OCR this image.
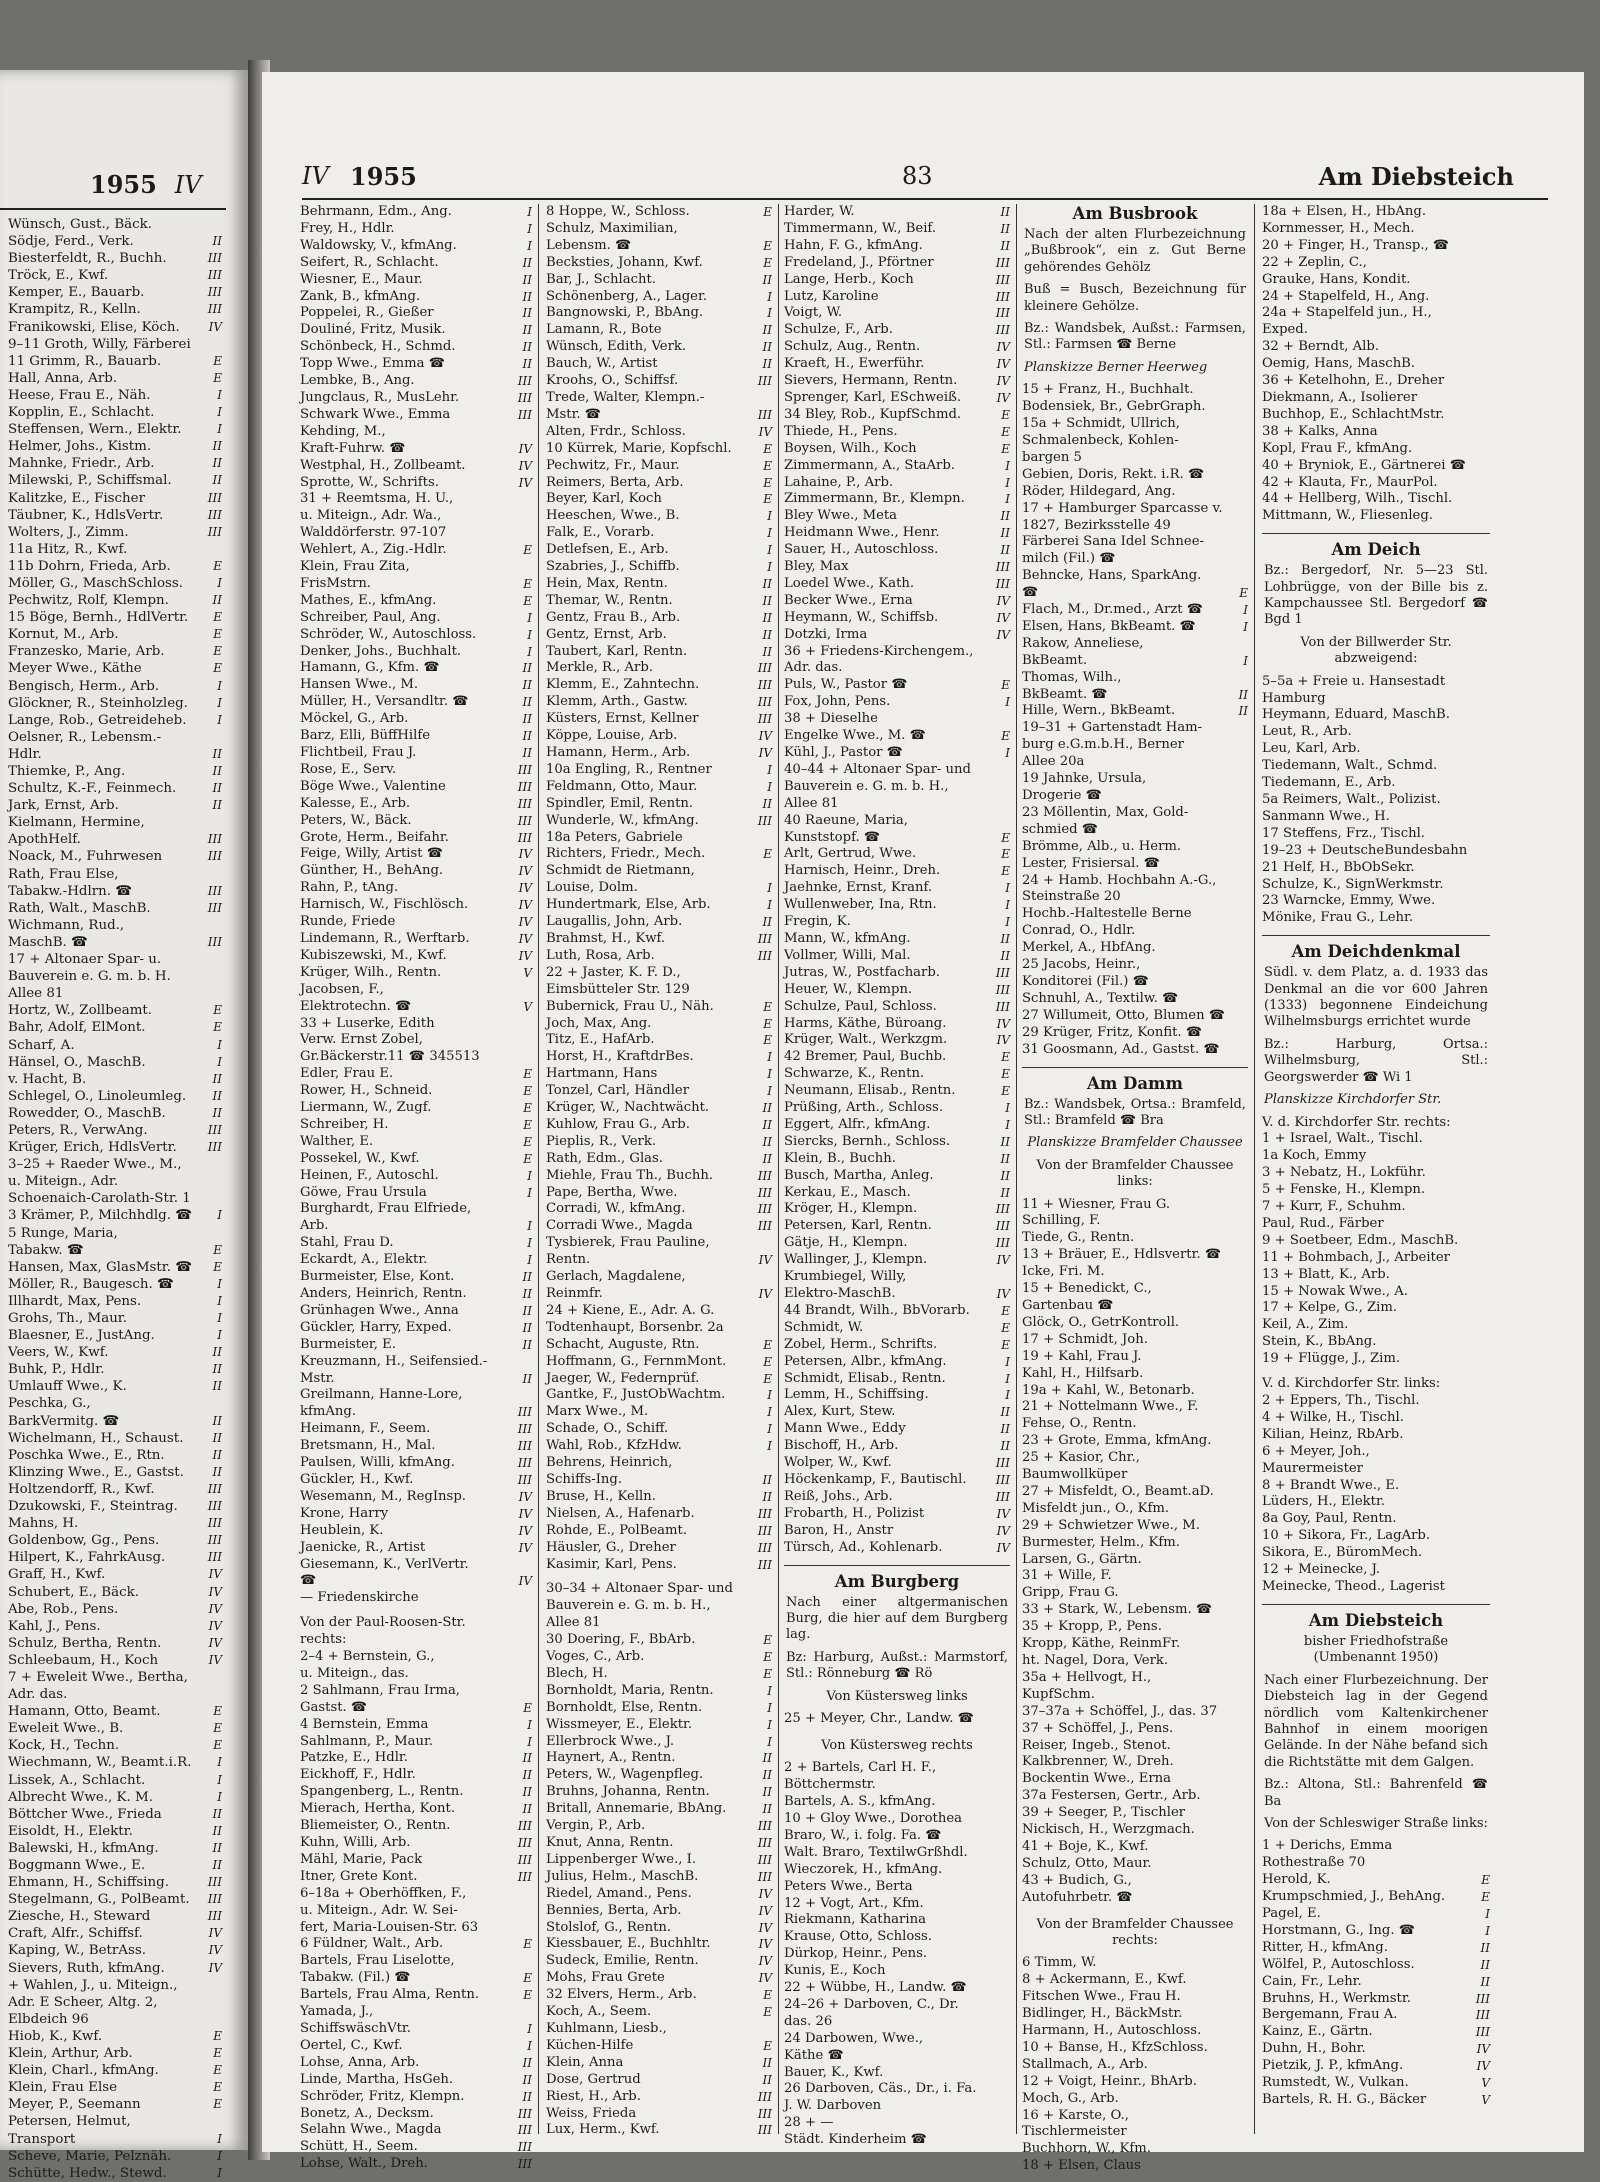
1955 IV
Wünsch, Gust., Bäck.
Södje, Ferd., Verk.	II
Biesterfeldt, R., Buchh.	III
Tröck, E., Kwf.	III
Kemper, E., Bauarb.	III
Krampitz, R., Kelln.	III
Franikowski, Elise, Köch.	IV
9–11 Groth, Willy, Färberei
11 Grimm, R., Bauarb.	E
Hall, Anna, Arb.	E
Heese, Frau E., Näh.	I
Kopplin, E., Schlacht.	I
Steffensen, Wern., Elektr.	I
Helmer, Johs., Kistm.	II
Mahnke, Friedr., Arb.	II
Milewski, P., Schiffsmal.	II
Kalitzke, E., Fischer	III
Täubner, K., HdlsVertr.	III
Wolters, J., Zimm.	III
11a Hitz, R., Kwf.
11b Dohrn, Frieda, Arb.	E
Möller, G., MaschSchloss.	I
Pechwitz, Rolf, Klempn.	II
15 Böge, Bernh., HdlVertr.	E
Kornut, M., Arb.	E
Franzesko, Marie, Arb.	E
Meyer Wwe., Käthe	E
Bengisch, Herm., Arb.	I
Glöckner, R., Steinholzleg.	I
Lange, Rob., Getreideheb.	I
Oelsner, R., Lebensm.-
Hdlr.	II
Thiemke, P., Ang.	II
Schultz, K.-F., Feinmech.	II
Jark, Ernst, Arb.	II
Kielmann, Hermine,
ApothHelf.	III
Noack, M., Fuhrwesen	III
Rath, Frau Else,
Tabakw.-Hdlrn. ☎	III
Rath, Walt., MaschB.	III
Wichmann, Rud.,
MaschB. ☎	III
17 + Altonaer Spar- u.
Bauverein e. G. m. b. H.
Allee 81
Hortz, W., Zollbeamt.	E
Bahr, Adolf, ElMont.	E
Scharf, A.	I
Hänsel, O., MaschB.	I
v. Hacht, B.	II
Schlegel, O., Linoleumleg.	II
Rowedder, O., MaschB.	II
Peters, R., VerwAng.	III
Krüger, Erich, HdlsVertr.	III
3–25 + Raeder Wwe., M.,
u. Miteign., Adr.
Schoenaich-Carolath-Str. 1
3 Krämer, P., Milchhdlg. ☎	I
5 Runge, Maria,
Tabakw. ☎	E
Hansen, Max, GlasMstr. ☎	E
Möller, R., Baugesch. ☎	I
Illhardt, Max, Pens.	I
Grohs, Th., Maur.	I
Blaesner, E., JustAng.	I
Veers, W., Kwf.	II
Buhk, P., Hdlr.	II
Umlauff Wwe., K.	II
Peschka, G.,
BarkVermitg. ☎	II
Wichelmann, H., Schaust.	II
Poschka Wwe., E., Rtn.	II
Klinzing Wwe., E., Gastst.	II
Holtzendorff, R., Kwf.	III
Dzukowski, F., Steintrag.	III
Mahns, H.	III
Goldenbow, Gg., Pens.	III
Hilpert, K., FahrkAusg.	III
Graff, H., Kwf.	IV
Schubert, E., Bäck.	IV
Abe, Rob., Pens.	IV
Kahl, J., Pens.	IV
Schulz, Bertha, Rentn.	IV
Schleebaum, H., Koch	IV
7 + Eweleit Wwe., Bertha,
Adr. das.
Hamann, Otto, Beamt.	E
Eweleit Wwe., B.	E
Kock, H., Techn.	E
Wiechmann, W., Beamt.i.R.	I
Lissek, A., Schlacht.	I
Albrecht Wwe., K. M.	I
Böttcher Wwe., Frieda	II
Eisoldt, H., Elektr.	II
Balewski, H., kfmAng.	II
Boggmann Wwe., E.	II
Ehmann, H., Schiffsing.	III
Stegelmann, G., PolBeamt.	III
Ziesche, H., Steward	III
Craft, Alfr., Schiffsf.	IV
Kaping, W., BetrAss.	IV
Sievers, Ruth, kfmAng.	IV
+ Wahlen, J., u. Miteign.,
Adr. E Scheer, Altg. 2,
Elbdeich 96
Hiob, K., Kwf.	E
Klein, Arthur, Arb.	E
Klein, Charl., kfmAng.	E
Klein, Frau Else	E
Meyer, P., Seemann	E
Petersen, Helmut,
Transport	I
Scheve, Marie, Pelznäh.	I
Schütte, Hedw., Stewd.	I
IV 1955	83	Am Diebsteich
Behrmann, Edm., Ang.	I
Frey, H., Hdlr.	I
Waldowsky, V., kfmAng.	I
Seifert, R., Schlacht.	II
Wiesner, E., Maur.	II
Zank, B., kfmAng.	II
Poppelei, R., Gießer	II
Douliné, Fritz, Musik.	II
Schönbeck, H., Schmd.	II
Topp Wwe., Emma ☎	II
Lembke, B., Ang.	III
Jungclaus, R., MusLehr.	III
Schwark Wwe., Emma	III
Kehding, M.,
Kraft-Fuhrw. ☎	IV
Westphal, H., Zollbeamt.	IV
Sprotte, W., Schrifts.	IV
31 + Reemtsma, H. U.,
u. Miteign., Adr. Wa.,
Walddörferstr. 97-107
Wehlert, A., Zig.-Hdlr.	E
Klein, Frau Zita,
FrisMstrn.	E
Mathes, E., kfmAng.	E
Schreiber, Paul, Ang.	I
Schröder, W., Autoschloss.	I
Denker, Johs., Buchhalt.	I
Hamann, G., Kfm. ☎	II
Hansen Wwe., M.	II
Müller, H., Versandltr. ☎	II
Möckel, G., Arb.	II
Barz, Elli, BüffHilfe	II
Flichtbeil, Frau J.	II
Rose, E., Serv.	III
Böge Wwe., Valentine	III
Kalesse, E., Arb.	III
Peters, W., Bäck.	III
Grote, Herm., Beifahr.	III
Feige, Willy, Artist ☎	IV
Günther, H., BehAng.	IV
Rahn, P., tAng.	IV
Harnisch, W., Fischlösch.	IV
Runde, Friede	IV
Lindemann, R., Werftarb.	IV
Kubiszewski, M., Kwf.	IV
Krüger, Wilh., Rentn.	V
Jacobsen, F.,
Elektrotechn. ☎	V
33 + Luserke, Edith
Verw. Ernst Zobel,
Gr.Bäckerstr.11 ☎ 345513
Edler, Frau E.	E
Rower, H., Schneid.	E
Liermann, W., Zugf.	E
Schreiber, H.	E
Walther, E.	E
Possekel, W., Kwf.	E
Heinen, F., Autoschl.	I
Göwe, Frau Ursula	I
Burghardt, Frau Elfriede,
Arb.	I
Stahl, Frau D.	I
Eckardt, A., Elektr.	I
Burmeister, Else, Kont.	II
Anders, Heinrich, Rentn.	II
Grünhagen Wwe., Anna	II
Gückler, Harry, Exped.	II
Burmeister, E.	II
Kreuzmann, H., Seifensied.-
Mstr.	II
Greilmann, Hanne-Lore,
kfmAng.	III
Heimann, F., Seem.	III
Bretsmann, H., Mal.	III
Paulsen, Willi, kfmAng.	III
Gückler, H., Kwf.	III
Wesemann, M., RegInsp.	IV
Krone, Harry	IV
Heublein, K.	IV
Jaenicke, R., Artist	IV
Giesemann, K., VerlVertr.
☎	IV
— Friedenskirche
Von der Paul-Roosen-Str.
rechts:
2–4 + Bernstein, G.,
u. Miteign., das.
2 Sahlmann, Frau Irma,
Gastst. ☎	E
4 Bernstein, Emma	I
Sahlmann, P., Maur.	I
Patzke, E., Hdlr.	II
Eickhoff, F., Hdlr.	II
Spangenberg, L., Rentn.	II
Mierach, Hertha, Kont.	II
Bliemeister, O., Rentn.	III
Kuhn, Willi, Arb.	III
Mähl, Marie, Pack	III
Itner, Grete Kont.	III
6–18a + Oberhöffken, F.,
u. Miteign., Adr. W. Sei-
fert, Maria-Louisen-Str. 63
6 Füldner, Walt., Arb.	E
Bartels, Frau Liselotte,
Tabakw. (Fil.) ☎	E
Bartels, Frau Alma, Rentn.	E
Yamada, J.,
SchiffswäschVtr.	I
Oertel, C., Kwf.	I
Lohse, Anna, Arb.	II
Linde, Martha, HsGeh.	II
Schröder, Fritz, Klempn.	II
Bonetz, A., Decksm.	III
Selahn Wwe., Magda	III
Schütt, H., Seem.	III
Lohse, Walt., Dreh.	III
8 Hoppe, W., Schloss.	E
Schulz, Maximilian,
Lebensm. ☎	E
Becksties, Johann, Kwf.	E
Bar, J., Schlacht.	II
Schönenberg, A., Lager.	I
Bangnowski, P., BbAng.	I
Lamann, R., Bote	II
Wünsch, Edith, Verk.	II
Bauch, W., Artist	II
Kroohs, O., Schiffsf.	III
Trede, Walter, Klempn.-
Mstr. ☎	III
Alten, Frdr., Schloss.	IV
10 Kürrek, Marie, Kopfschl.	E
Pechwitz, Fr., Maur.	E
Reimers, Berta, Arb.	E
Beyer, Karl, Koch	E
Heeschen, Wwe., B.	I
Falk, E., Vorarb.	I
Detlefsen, E., Arb.	I
Szabries, J., Schiffb.	I
Hein, Max, Rentn.	II
Themar, W., Rentn.	II
Gentz, Frau B., Arb.	II
Gentz, Ernst, Arb.	II
Taubert, Karl, Rentn.	II
Merkle, R., Arb.	III
Klemm, E., Zahntechn.	III
Klemm, Arth., Gastw.	III
Küsters, Ernst, Kellner	III
Köppe, Louise, Arb.	IV
Hamann, Herm., Arb.	IV
10a Engling, R., Rentner	I
Feldmann, Otto, Maur.	I
Spindler, Emil, Rentn.	II
Wunderle, W., kfmAng.	III
18a Peters, Gabriele
Richters, Friedr., Mech.	E
Schmidt de Rietmann,
Louise, Dolm.	I
Hundertmark, Else, Arb.	I
Laugallis, John, Arb.	II
Brahmst, H., Kwf.	III
Luth, Rosa, Arb.	III
22 + Jaster, K. F. D.,
Eimsbütteler Str. 129
Bubernick, Frau U., Näh.	E
Joch, Max, Ang.	E
Titz, E., HafArb.	E
Horst, H., KraftdrBes.	I
Hartmann, Hans	I
Tonzel, Carl, Händler	I
Krüger, W., Nachtwächt.	II
Kuhlow, Frau G., Arb.	II
Pieplis, R., Verk.	II
Rath, Edm., Glas.	II
Miehle, Frau Th., Buchh.	III
Pape, Bertha, Wwe.	III
Corradi, W., kfmAng.	III
Corradi Wwe., Magda	III
Tysbierek, Frau Pauline,
Rentn.	IV
Gerlach, Magdalene,
Reinmfr.	IV
24 + Kiene, E., Adr. A. G.
Todtenhaupt, Borsenbr. 2a
Schacht, Auguste, Rtn.	E
Hoffmann, G., FernmMont.	E
Jaeger, W., Federnprüf.	E
Gantke, F., JustObWachtm.	I
Marx Wwe., M.	I
Schade, O., Schiff.	I
Wahl, Rob., KfzHdw.	I
Behrens, Heinrich,
Schiffs-Ing.	II
Bruse, H., Kelln.	II
Nielsen, A., Hafenarb.	III
Rohde, E., PolBeamt.	III
Häusler, G., Dreher	III
Kasimir, Karl, Pens.	III
30–34 + Altonaer Spar- und
Bauverein e. G. m. b. H.,
Allee 81
30 Doering, F., BbArb.	E
Voges, C., Arb.	E
Blech, H.	E
Bornholdt, Maria, Rentn.	I
Bornholdt, Else, Rentn.	I
Wissmeyer, E., Elektr.	I
Ellerbrock Wwe., J.	I
Haynert, A., Rentn.	II
Peters, W., Wagenpfleg.	II
Bruhns, Johanna, Rentn.	II
Britall, Annemarie, BbAng.	II
Vergin, P., Arb.	III
Knut, Anna, Rentn.	III
Lippenberger Wwe., I.	III
Julius, Helm., MaschB.	III
Riedel, Amand., Pens.	IV
Bennies, Berta, Arb.	IV
Stolslof, G., Rentn.	IV
Kiessbauer, E., Buchhltr.	IV
Sudeck, Emilie, Rentn.	IV
Mohs, Frau Grete	IV
32 Elvers, Herm., Arb.	E
Koch, A., Seem.	E
Kuhlmann, Liesb.,
Küchen-Hilfe	E
Klein, Anna	II
Dose, Gertrud	II
Riest, H., Arb.	III
Weiss, Frieda	III
Lux, Herm., Kwf.	III
Harder, W.	II
Timmermann, W., Beif.	II
Hahn, F. G., kfmAng.	II
Fredeland, J., Pförtner	III
Lange, Herb., Koch	III
Lutz, Karoline	III
Voigt, W.	III
Schulze, F., Arb.	III
Schulz, Aug., Rentn.	IV
Kraeft, H., Ewerführ.	IV
Sievers, Hermann, Rentn.	IV
Sprenger, Karl, ESchweiß.	IV
34 Bley, Rob., KupfSchmd.	E
Thiede, H., Pens.	E
Boysen, Wilh., Koch	E
Zimmermann, A., StaArb.	I
Lahaine, P., Arb.	I
Zimmermann, Br., Klempn.	I
Bley Wwe., Meta	II
Heidmann Wwe., Henr.	II
Sauer, H., Autoschloss.	II
Bley, Max	III
Loedel Wwe., Kath.	III
Becker Wwe., Erna	IV
Heymann, W., Schiffsb.	IV
Dotzki, Irma	IV
36 + Friedens-Kirchengem.,
Adr. das.
Puls, W., Pastor ☎	E
Fox, John, Pens.	I
38 + Dieselhe
Engelke Wwe., M. ☎	E
Kühl, J., Pastor ☎	I
40–44 + Altonaer Spar- und
Bauverein e. G. m. b. H.,
Allee 81
40 Raeune, Maria,
Kunststopf. ☎	E
Arlt, Gertrud, Wwe.	E
Harnisch, Heinr., Dreh.	E
Jaehnke, Ernst, Kranf.	I
Wullenweber, Ina, Rtn.	I
Fregin, K.	I
Mann, W., kfmAng.	II
Vollmer, Willi, Mal.	II
Jutras, W., Postfacharb.	III
Heuer, W., Klempn.	III
Schulze, Paul, Schloss.	III
Harms, Käthe, Büroang.	IV
Krüger, Walt., Werkzgm.	IV
42 Bremer, Paul, Buchb.	E
Schwarze, K., Rentn.	E
Neumann, Elisab., Rentn.	E
Prüßing, Arth., Schloss.	I
Eggert, Alfr., kfmAng.	I
Siercks, Bernh., Schloss.	II
Klein, B., Buchh.	II
Busch, Martha, Anleg.	II
Kerkau, E., Masch.	II
Kröger, H., Klempn.	III
Petersen, Karl, Rentn.	III
Gätje, H., Klempn.	III
Wallinger, J., Klempn.	IV
Krumbiegel, Willy,
Elektro-MaschB.	IV
44 Brandt, Wilh., BbVorarb.	E
Schmidt, W.	E
Zobel, Herm., Schrifts.	E
Petersen, Albr., kfmAng.	I
Schmidt, Elisab., Rentn.	I
Lemm, H., Schiffsing.	I
Alex, Kurt, Stew.	II
Mann Wwe., Eddy	II
Bischoff, H., Arb.	II
Wolper, W., Kwf.	III
Höckenkamp, F., Bautischl.	III
Reiß, Johs., Arb.	III
Frobarth, H., Polizist	IV
Baron, H., Anstr	IV
Türsch, Ad., Kohlenarb.	IV
Am Burgberg
Nach einer altgermanischen Burg, die hier auf dem Burgberg lag.
Bz: Harburg, Außst.: Marmstorf, Stl.: Rönneburg ☎ Rö
Von Küstersweg links
25 + Meyer, Chr., Landw. ☎
Von Küstersweg rechts
2 + Bartels, Carl H. F.,
Böttchermstr.
Bartels, A. S., kfmAng.
10 + Gloy Wwe., Dorothea
Braro, W., i. folg. Fa. ☎
Walt. Braro, TextilwGrßhdl.
Wieczorek, H., kfmAng.
Peters Wwe., Berta
12 + Vogt, Art., Kfm.
Riekmann, Katharina
Krause, Otto, Schloss.
Dürkop, Heinr., Pens.
Kunis, E., Koch
22 + Wübbe, H., Landw. ☎
24–26 + Darboven, C., Dr.
das. 26
24 Darbowen, Wwe.,
Käthe ☎
Bauer, K., Kwf.
26 Darboven, Cäs., Dr., i. Fa.
J. W. Darboven
28 + —
Städt. Kinderheim ☎
Am Busbrook
Nach der alten Flurbezeichnung „Bußbrook“, ein z. Gut Berne gehörendes Gehölz
Buß = Busch, Bezeichnung für kleinere Gehölze.
Bz.: Wandsbek, Außst.: Farmsen, Stl.: Farmsen ☎ Berne
Planskizze Berner Heerweg
15 + Franz, H., Buchhalt.
Bodensiek, Br., GebrGraph.
15a + Schmidt, Ullrich,
Schmalenbeck, Kohlen-
bargen 5
Gebien, Doris, Rekt. i.R. ☎
Röder, Hildegard, Ang.
17 + Hamburger Sparcasse v.
1827, Bezirksstelle 49
Färberei Sana Idel Schnee-
milch (Fil.) ☎
Behncke, Hans, SparkAng.
☎	E
Flach, M., Dr.med., Arzt ☎	I
Elsen, Hans, BkBeamt. ☎	I
Rakow, Anneliese,
BkBeamt.	I
Thomas, Wilh.,
BkBeamt. ☎	II
Hille, Wern., BkBeamt.	II
19–31 + Gartenstadt Ham-
burg e.G.m.b.H., Berner
Allee 20a
19 Jahnke, Ursula,
Drogerie ☎
23 Möllentin, Max, Gold-
schmied ☎
Brömme, Alb., u. Herm.
Lester, Frisiersal. ☎
24 + Hamb. Hochbahn A.-G.,
Steinstraße 20
Hochb.-Haltestelle Berne
Conrad, O., Hdlr.
Merkel, A., HbfAng.
25 Jacobs, Heinr.,
Konditorei (Fil.) ☎
Schnuhl, A., Textilw. ☎
27 Willumeit, Otto, Blumen ☎
29 Krüger, Fritz, Konfit. ☎
31 Goosmann, Ad., Gastst. ☎
Am Damm
Bz.: Wandsbek, Ortsa.: Bramfeld, Stl.: Bramfeld ☎ Bra
Planskizze Bramfelder Chaussee
Von der Bramfelder Chaussee links:
11 + Wiesner, Frau G.
Schilling, F.
Tiede, G., Rentn.
13 + Bräuer, E., Hdlsvertr. ☎
Icke, Fri. M.
15 + Benedickt, C.,
Gartenbau ☎
Glöck, O., GetrKontroll.
17 + Schmidt, Joh.
19 + Kahl, Frau J.
Kahl, H., Hilfsarb.
19a + Kahl, W., Betonarb.
21 + Nottelmann Wwe., F.
Fehse, O., Rentn.
23 + Grote, Emma, kfmAng.
25 + Kasior, Chr.,
Baumwollküper
27 + Misfeldt, O., Beamt.aD.
Misfeldt jun., O., Kfm.
29 + Schwietzer Wwe., M.
Burmester, Helm., Kfm.
Larsen, G., Gärtn.
31 + Wille, F.
Gripp, Frau G.
33 + Stark, W., Lebensm. ☎
35 + Kropp, P., Pens.
Kropp, Käthe, ReinmFr.
ht. Nagel, Dora, Verk.
35a + Hellvogt, H.,
KupfSchm.
37–37a + Schöffel, J., das. 37
37 + Schöffel, J., Pens.
Reiser, Ingeb., Stenot.
Kalkbrenner, W., Dreh.
Bockentin Wwe., Erna
37a Festersen, Gertr., Arb.
39 + Seeger, P., Tischler
Nickisch, H., Werzgmach.
41 + Boje, K., Kwf.
Schulz, Otto, Maur.
43 + Budich, G.,
Autofuhrbetr. ☎
Von der Bramfelder Chaussee rechts:
6 Timm, W.
8 + Ackermann, E., Kwf.
Fitschen Wwe., Frau H.
Bidlinger, H., BäckMstr.
Harmann, H., Autoschloss.
10 + Banse, H., KfzSchloss.
Stallmach, A., Arb.
12 + Voigt, Heinr., BhArb.
Moch, G., Arb.
16 + Karste, O.,
Tischlermeister
Buchhorn, W., Kfm.
18 + Elsen, Claus
18a + Elsen, H., HbAng.
Kornmesser, H., Mech.
20 + Finger, H., Transp., ☎
22 + Zeplin, C.,
Grauke, Hans, Kondit.
24 + Stapelfeld, H., Ang.
24a + Stapelfeld jun., H.,
Exped.
32 + Berndt, Alb.
Oemig, Hans, MaschB.
36 + Ketelhohn, E., Dreher
Diekmann, A., Isolierer
Buchhop, E., SchlachtMstr.
38 + Kalks, Anna
Kopl, Frau F., kfmAng.
40 + Bryniok, E., Gärtnerei ☎
42 + Klauta, Fr., MaurPol.
44 + Hellberg, Wilh., Tischl.
Mittmann, W., Fliesenleg.
Am Deich
Bz.: Bergedorf, Nr. 5—23 Stl. Lohbrügge, von der Bille bis z. Kampchaussee Stl. Bergedorf ☎ Bgd 1
Von der Billwerder Str. abzweigend:
5–5a + Freie u. Hansestadt
Hamburg
Heymann, Eduard, MaschB.
Leut, R., Arb.
Leu, Karl, Arb.
Tiedemann, Walt., Schmd.
Tiedemann, E., Arb.
5a Reimers, Walt., Polizist.
Sanmann Wwe., H.
17 Steffens, Frz., Tischl.
19–23 + DeutscheBundesbahn
21 Helf, H., BbObSekr.
Schulze, K., SignWerkmstr.
23 Warncke, Emmy, Wwe.
Mönike, Frau G., Lehr.
Am Deichdenkmal
Südl. v. dem Platz, a. d. 1933 das Denkmal an die vor 600 Jahren (1333) begonnene Eindeichung Wilhelmsburgs errichtet wurde
Bz.: Harburg, Ortsa.: Wilhelmsburg, Stl.: Georgswerder ☎ Wi 1
Planskizze Kirchdorfer Str.
V. d. Kirchdorfer Str. rechts:
1 + Israel, Walt., Tischl.
1a Koch, Emmy
3 + Nebatz, H., Lokführ.
5 + Fenske, H., Klempn.
7 + Kurr, F., Schuhm.
Paul, Rud., Färber
9 + Soetbeer, Edm., MaschB.
11 + Bohmbach, J., Arbeiter
13 + Blatt, K., Arb.
15 + Nowak Wwe., A.
17 + Kelpe, G., Zim.
Keil, A., Zim.
Stein, K., BbAng.
19 + Flügge, J., Zim.
V. d. Kirchdorfer Str. links:
2 + Eppers, Th., Tischl.
4 + Wilke, H., Tischl.
Kilian, Heinz, RbArb.
6 + Meyer, Joh.,
Maurermeister
8 + Brandt Wwe., E.
Lüders, H., Elektr.
8a Goy, Paul, Rentn.
10 + Sikora, Fr., LagArb.
Sikora, E., BüromMech.
12 + Meinecke, J.
Meinecke, Theod., Lagerist
Am Diebsteich
bisher Friedhofstraße (Umbenannt 1950)
Nach einer Flurbezeichnung. Der Diebsteich lag in der Gegend nördlich vom Kaltenkirchener Bahnhof in einem moorigen Gelände. In der Nähe befand sich die Richtstätte mit dem Galgen.
Bz.: Altona, Stl.: Bahrenfeld ☎ Ba
Von der Schleswiger Straße links:
1 + Derichs, Emma
Rothestraße 70
Herold, K.	E
Krumpschmied, J., BehAng.	E
Pagel, E.	I
Horstmann, G., Ing. ☎	I
Ritter, H., kfmAng.	II
Wölfel, P., Autoschloss.	II
Cain, Fr., Lehr.	II
Bruhns, H., Werkmstr.	III
Bergemann, Frau A.	III
Kainz, E., Gärtn.	III
Duhn, H., Bohr.	IV
Pietzik, J. P., kfmAng.	IV
Rumstedt, W., Vulkan.	V
Bartels, R. H. G., Bäcker	V
